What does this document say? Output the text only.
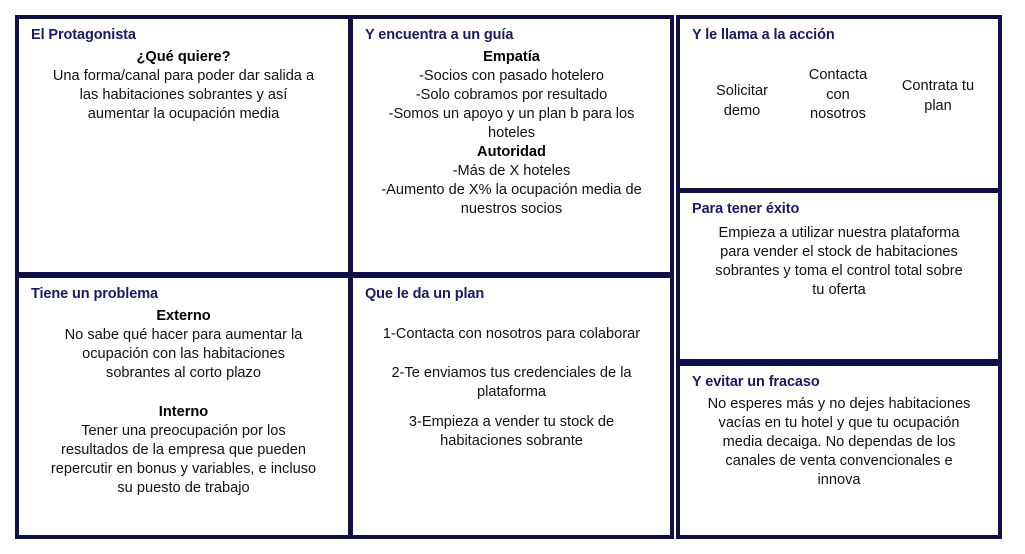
El Protagonista
¿Qué quiere?
Una forma/canal para poder dar salida a
las habitaciones sobrantes y así
aumentar la ocupación media
Tiene un problema
Externo
No sabe qué hacer para aumentar la
ocupación con las habitaciones
sobrantes al corto plazo
Interno
Tener una preocupación por los
resultados de la empresa que pueden
repercutir en bonus y variables, e incluso
su puesto de trabajo
Y encuentra a un guía
Empatía
-Socios con pasado hotelero
-Solo cobramos por resultado
-Somos un apoyo y un plan b para los
hoteles
Autoridad
-Más de X hoteles
-Aumento de X% la ocupación media de
nuestros socios
Que le da un plan
1-Contacta con nosotros para colaborar
2-Te enviamos tus credenciales de la
plataforma
3-Empieza a vender tu stock de
habitaciones sobrante
Y le llama a la acción
Solicitar
demo
Contacta
con
nosotros
Contrata tu
plan
Para tener éxito
Empieza a utilizar nuestra plataforma
para vender el stock de habitaciones
sobrantes y toma el control total sobre
tu oferta
Y evitar un fracaso
No esperes más y no dejes habitaciones
vacías en tu hotel y que tu ocupación
media decaiga. No dependas de los
canales de venta convencionales e
innova
